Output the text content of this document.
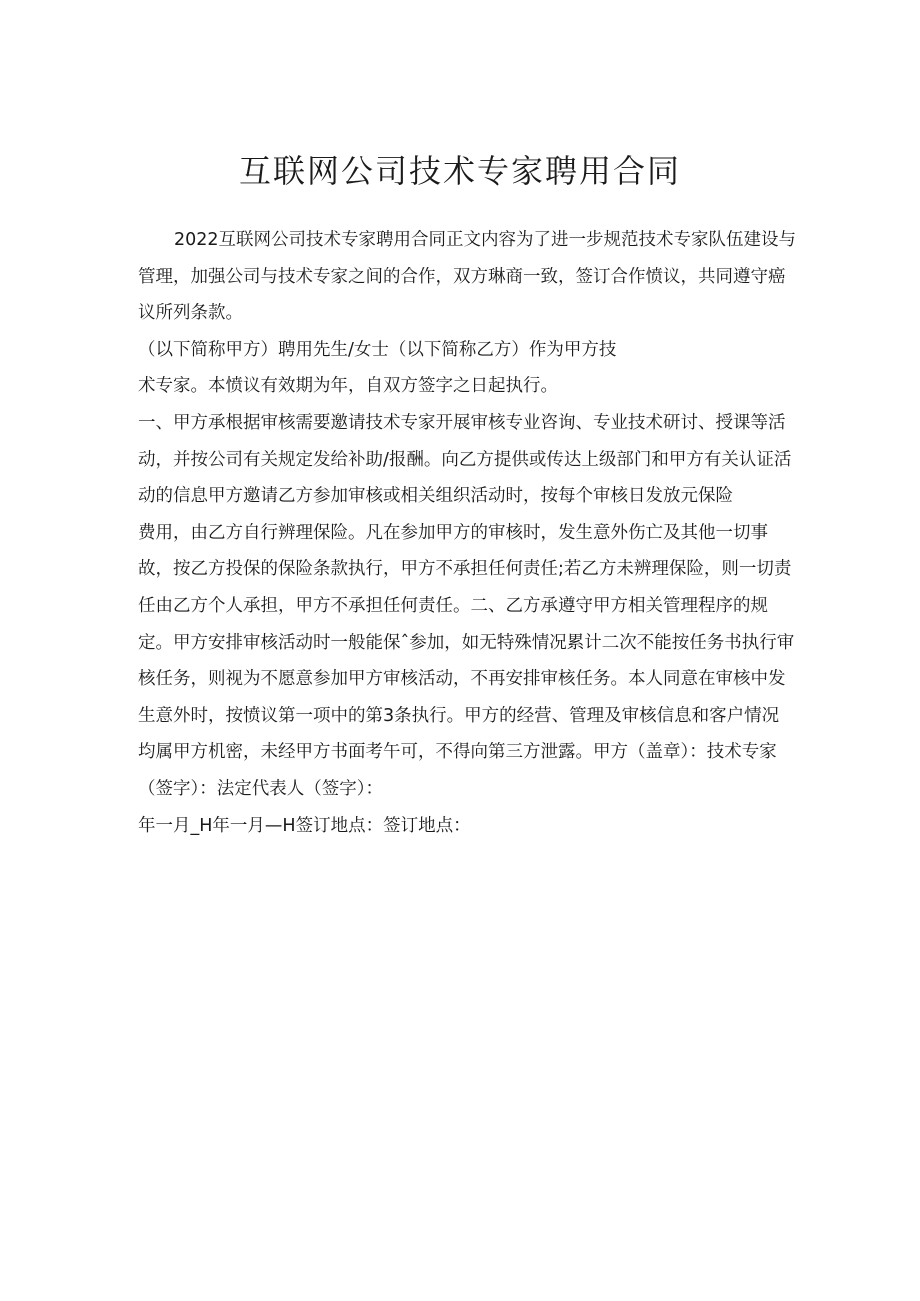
互联网公司技术专家聘用合同

2022互联网公司技术专家聘用合同正文内容为了进一步规范技术专家队伍建设与

管理，加强公司与技术专家之间的合作，双方琳商一致，签订合作愤议，共同遵守癌

议所列条款。

（以下简称甲方）聘用先生/女士（以下简称乙方）作为甲方技

术专家。本愤议有效期为年，自双方签字之日起执行。

一、甲方承根据审核需要邀请技术专家开展审核专业咨询、专业技术研讨、授课等活

动，并按公司有关规定发给补助/报酬。向乙方提供或传达上级部门和甲方有关认证活

动的信息甲方邀请乙方参加审核或相关组织活动时，按每个审核日发放元保险

费用，由乙方自行辨理保险。凡在参加甲方的审核时，发生意外伤亡及其他一切事

故，按乙方投保的保险条款执行，甲方不承担任何责任;若乙方未辨理保险，则一切责

任由乙方个人承担，甲方不承担任何责任。二、乙方承遵守甲方相关管理程序的规

定。甲方安排审核活动时一般能保ˆ参加，如无特殊情况累计二次不能按任务书执行审

核任务，则视为不愿意参加甲方审核活动，不再安排审核任务。本人同意在审核中发

生意外时，按愤议第一项中的第3条执行。甲方的经营、管理及审核信息和客户情况

均属甲方机密，未经甲方书面考午可，不得向第三方泄露。甲方（盖章）：技术专家

（签字）：法定代表人（签字）：

年一月_H年一月—H签订地点：签订地点：
